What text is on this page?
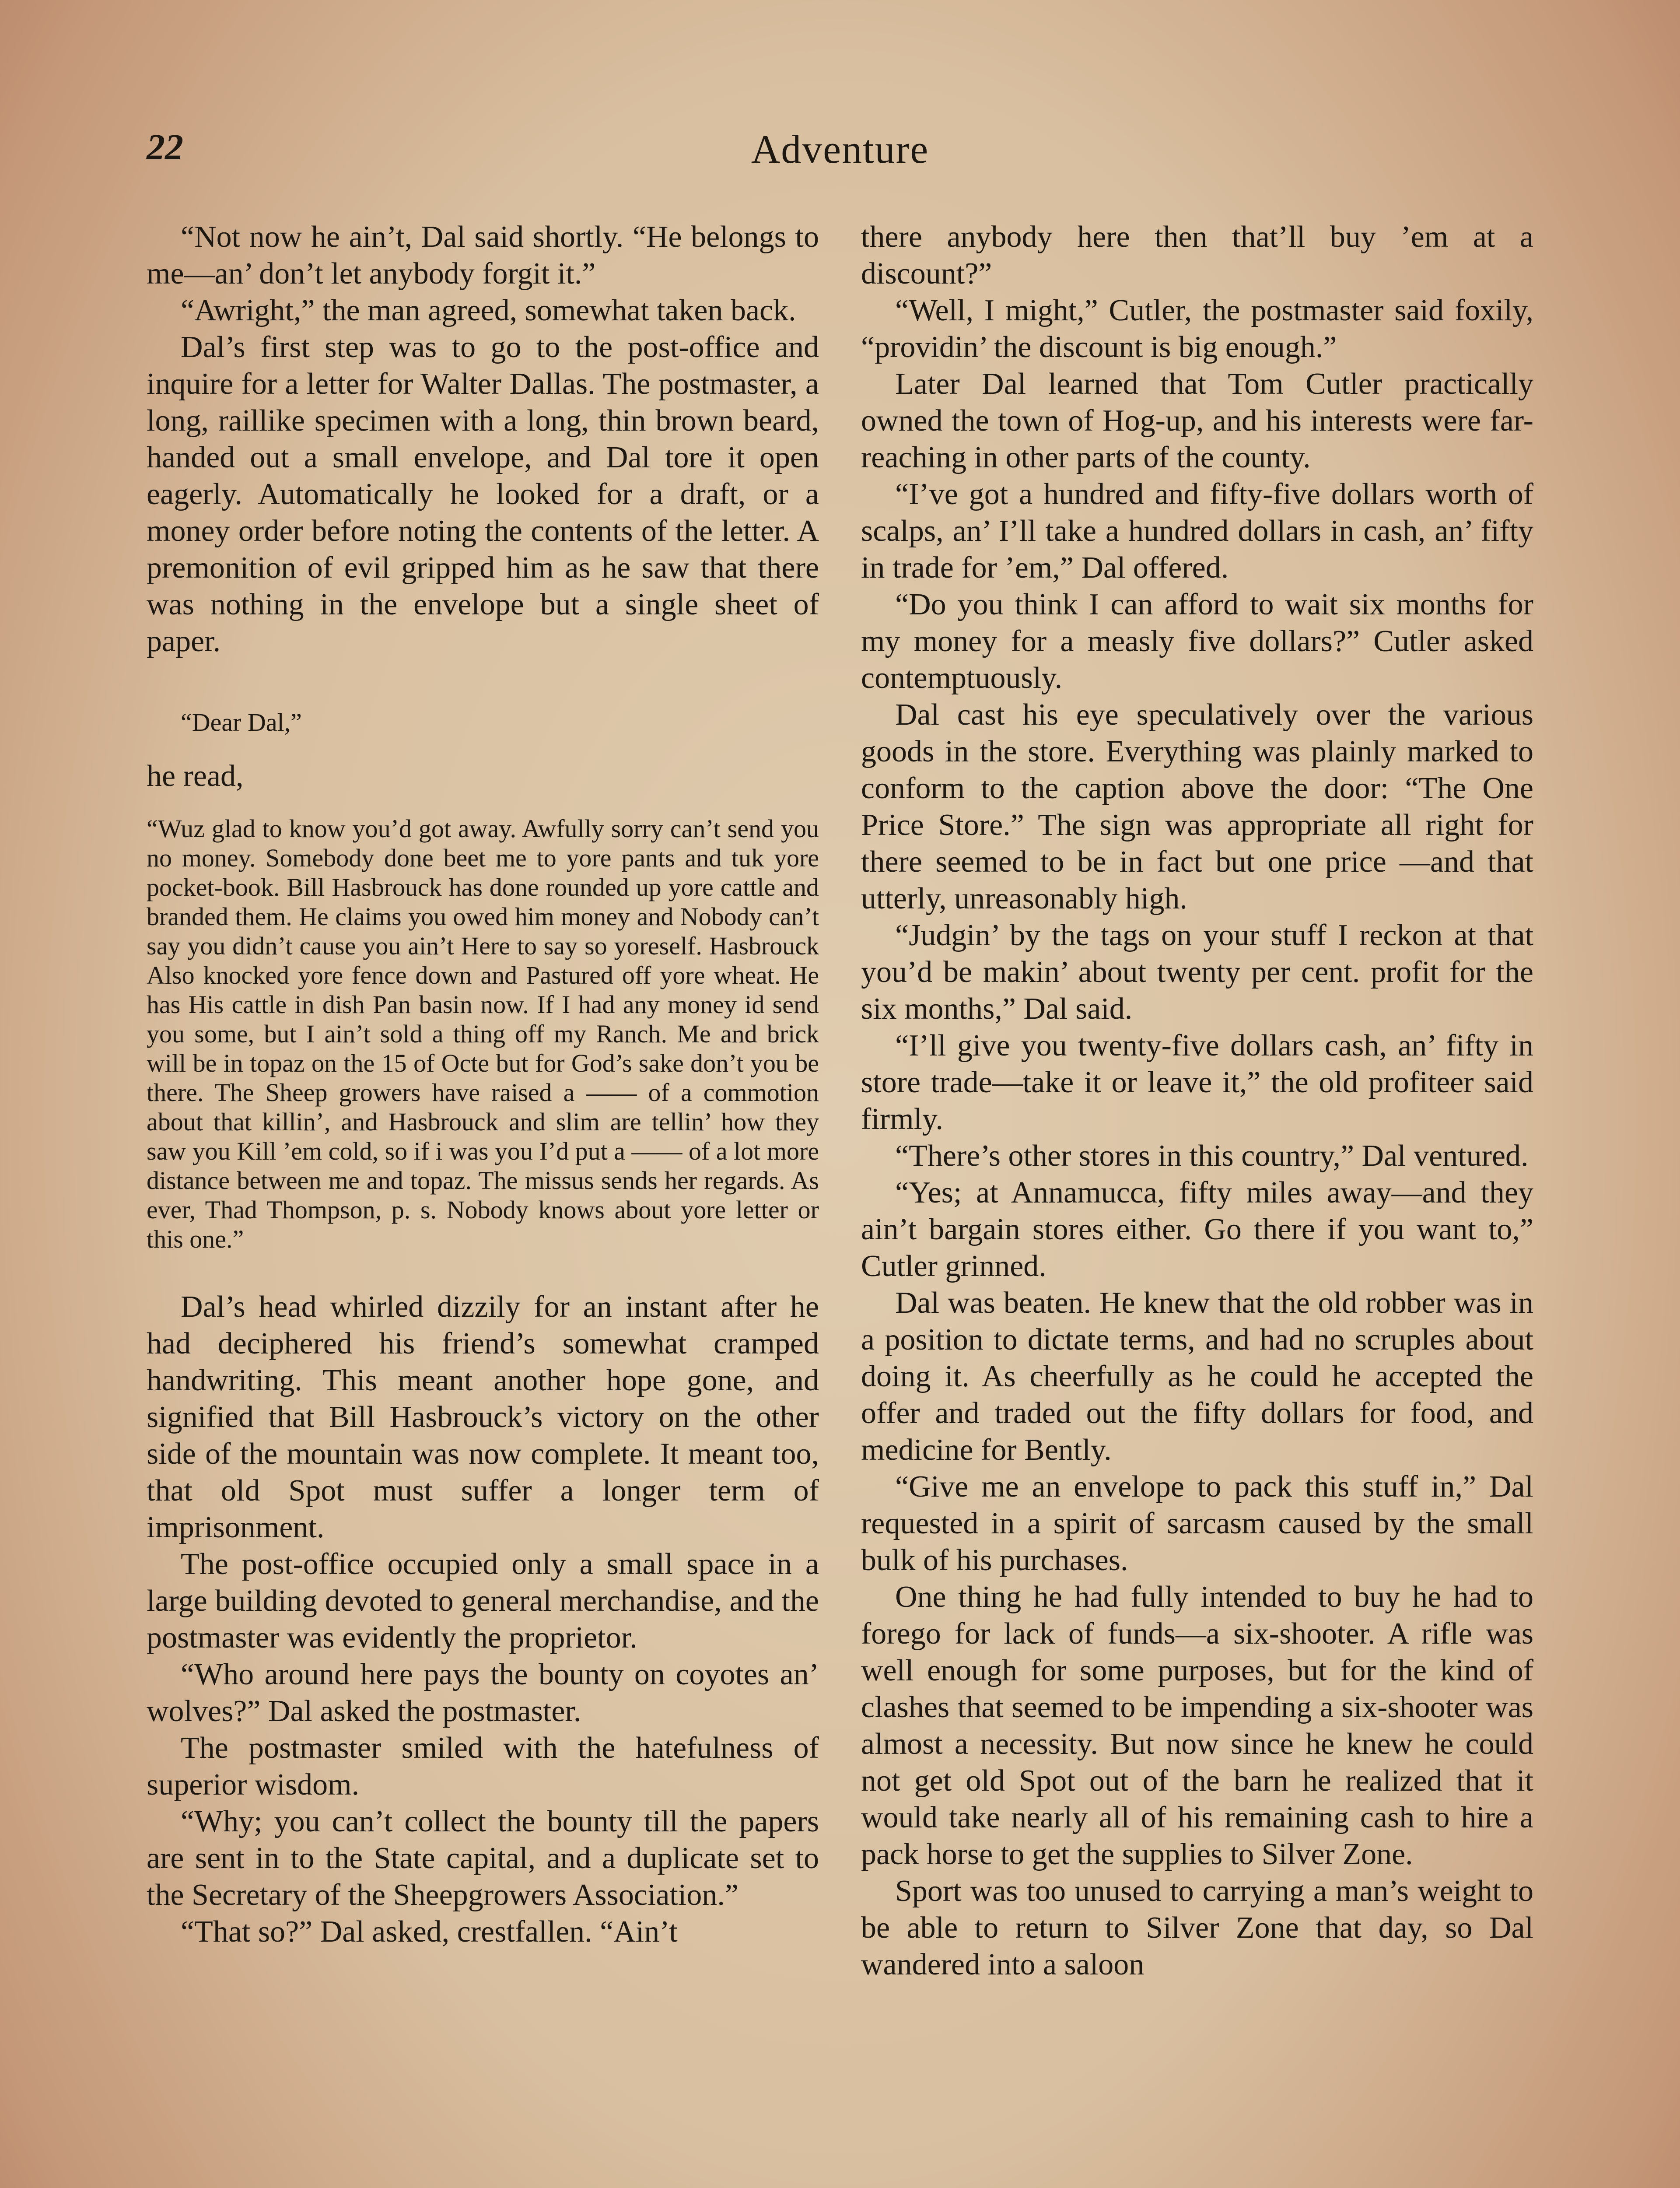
22	Adventure

“Not now he ain’t, Dal said shortly. “He belongs to me—an’ don’t let anybody forgit it.”

“Awright,” the man agreed, somewhat taken back.

Dal’s first step was to go to the post-office and inquire for a letter for Walter Dallas. The postmaster, a long, raillike specimen with a long, thin brown beard, handed out a small envelope, and Dal tore it open eagerly. Automatically he looked for a draft, or a money order before noting the contents of the letter. A premonition of evil gripped him as he saw that there was nothing in the envelope but a single sheet of paper.

“Dear Dal,”

he read,

“Wuz glad to know you’d got away. Awfully sorry can’t send you no money. Somebody done beet me to yore pants and tuk yore pocket-book. Bill Hasbrouck has done rounded up yore cattle and branded them. He claims you owed him money and Nobody can’t say you didn’t cause you ain’t Here to say so yoreself. Hasbrouck Also knocked yore fence down and Pastured off yore wheat. He has His cattle in dish Pan basin now. If I had any money id send you some, but I ain’t sold a thing off my Ranch. Me and brick will be in topaz on the 15 of Octe but for God’s sake don’t you be there. The Sheep growers have raised a —— of a commotion about that killin’, and Hasbrouck and slim are tellin’ how they saw you Kill ’em cold, so if i was you I’d put a —— of a lot more distance between me and topaz. The missus sends her regards. As ever, Thad Thompson, p. s. Nobody knows about yore letter or this one.”

Dal’s head whirled dizzily for an instant after he had deciphered his friend’s somewhat cramped handwriting. This meant another hope gone, and signified that Bill Hasbrouck’s victory on the other side of the mountain was now complete. It meant too, that old Spot must suffer a longer term of imprisonment.

The post-office occupied only a small space in a large building devoted to general merchandise, and the postmaster was evidently the proprietor.

“Who around here pays the bounty on coyotes an’ wolves?” Dal asked the postmaster.

The postmaster smiled with the hatefulness of superior wisdom.

“Why; you can’t collect the bounty till the papers are sent in to the State capital, and a duplicate set to the Secretary of the Sheepgrowers Association.”

“That so?” Dal asked, crestfallen. “Ain’t

there anybody here then that’ll buy ’em at a discount?”

“Well, I might,” Cutler, the postmaster said foxily, “providin’ the discount is big enough.”

Later Dal learned that Tom Cutler practically owned the town of Hog-up, and his interests were far-reaching in other parts of the county.

“I’ve got a hundred and fifty-five dollars worth of scalps, an’ I’ll take a hundred dollars in cash, an’ fifty in trade for ’em,” Dal offered.

“Do you think I can afford to wait six months for my money for a measly five dollars?” Cutler asked contemptuously.

Dal cast his eye speculatively over the various goods in the store. Everything was plainly marked to conform to the caption above the door: “The One Price Store.” The sign was appropriate all right for there seemed to be in fact but one price —and that utterly, unreasonably high.

“Judgin’ by the tags on your stuff I reckon at that you’d be makin’ about twenty per cent. profit for the six months,” Dal said.

“I’ll give you twenty-five dollars cash, an’ fifty in store trade—take it or leave it,” the old profiteer said firmly.

“There’s other stores in this country,” Dal ventured.

“Yes; at Annamucca, fifty miles away—and they ain’t bargain stores either. Go there if you want to,” Cutler grinned.

Dal was beaten. He knew that the old robber was in a position to dictate terms, and had no scruples about doing it. As cheerfully as he could he accepted the offer and traded out the fifty dollars for food, and medicine for Bently.

“Give me an envelope to pack this stuff in,” Dal requested in a spirit of sarcasm caused by the small bulk of his purchases.

One thing he had fully intended to buy he had to forego for lack of funds—a six-shooter. A rifle was well enough for some purposes, but for the kind of clashes that seemed to be impending a six-shooter was almost a necessity. But now since he knew he could not get old Spot out of the barn he realized that it would take nearly all of his remaining cash to hire a pack horse to get the supplies to Silver Zone.

Sport was too unused to carrying a man’s weight to be able to return to Silver Zone that day, so Dal wandered into a saloon
